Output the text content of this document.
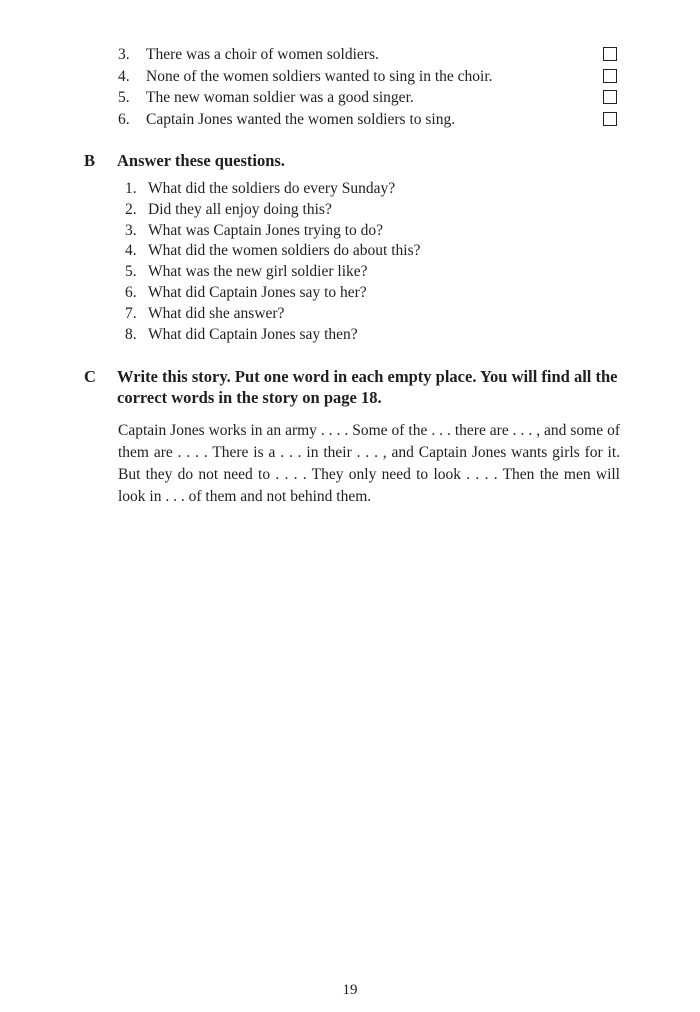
3. There was a choir of women soldiers.
4. None of the women soldiers wanted to sing in the choir.
5. The new woman soldier was a good singer.
6. Captain Jones wanted the women soldiers to sing.
B Answer these questions.
1. What did the soldiers do every Sunday?
2. Did they all enjoy doing this?
3. What was Captain Jones trying to do?
4. What did the women soldiers do about this?
5. What was the new girl soldier like?
6. What did Captain Jones say to her?
7. What did she answer?
8. What did Captain Jones say then?
C Write this story. Put one word in each empty place. You will find all the correct words in the story on page 18.

Captain Jones works in an army . . . . Some of the . . . there are . . . , and some of them are . . . . There is a . . . in their . . . , and Captain Jones wants girls for it. But they do not need to . . . . They only need to look . . . . Then the men will look in . . . of them and not behind them.

19
